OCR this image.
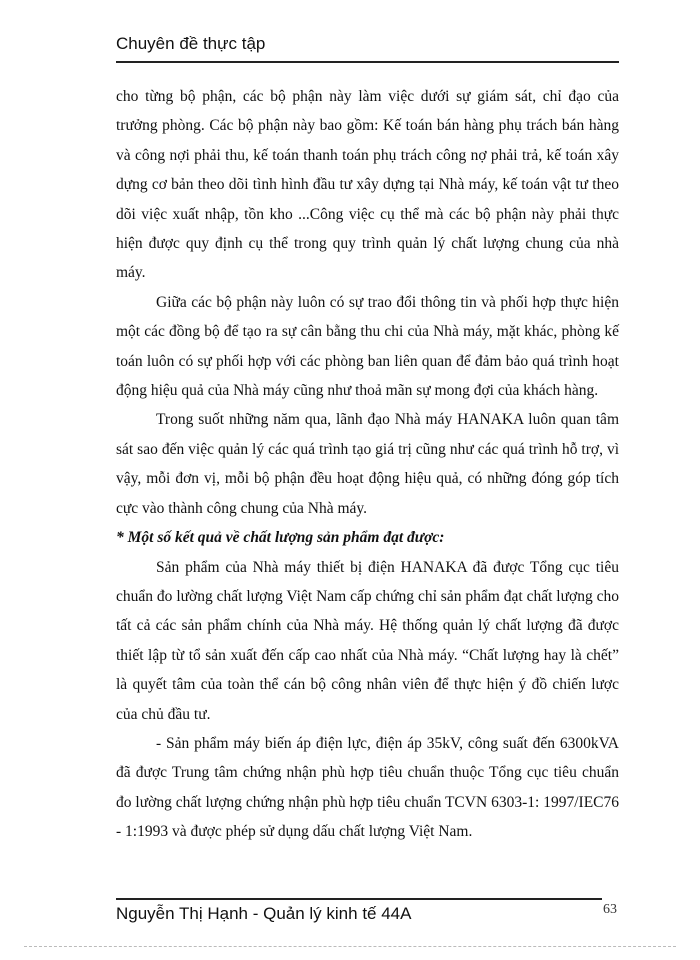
Chuyên đề thực tập

cho từng bộ phận, các bộ phận này làm việc dưới sự giám sát, chỉ đạo của trưởng phòng. Các bộ phận này bao gồm: Kế toán bán hàng phụ trách bán hàng và công nợi phải thu, kế toán thanh toán phụ trách công nợ phải trả, kế toán xây dựng cơ bản theo dõi tình hình đầu tư xây dựng tại Nhà máy, kế toán vật tư theo dõi việc xuất nhập, tồn kho ...Công việc cụ thể mà các bộ phận này phải thực hiện được quy định cụ thể trong quy trình quản lý chất lượng chung của nhà máy.

Giữa các bộ phận này luôn có sự trao đổi thông tin và phối hợp thực hiện một các đồng bộ để tạo ra sự cân bằng thu chi của Nhà máy, mặt khác, phòng kế toán luôn có sự phối hợp với các phòng ban liên quan để đảm bảo quá trình hoạt động hiệu quả của Nhà máy cũng như thoả mãn sự mong đợi của khách hàng.

Trong suốt những năm qua, lãnh đạo Nhà máy HANAKA luôn quan tâm sát sao đến việc quản lý các quá trình tạo giá trị cũng như các quá trình hỗ trợ, vì vậy, mỗi đơn vị, mỗi bộ phận đều hoạt động hiệu quả, có những đóng góp tích cực vào thành công chung của Nhà máy.

* Một số kết quả về chất lượng sản phẩm đạt được:

Sản phẩm của Nhà máy thiết bị điện HANAKA đã được Tổng cục tiêu chuẩn đo lường chất lượng Việt Nam cấp chứng chỉ sản phẩm đạt chất lượng cho tất cả các sản phẩm chính của Nhà máy. Hệ thống quản lý chất lượng đã được thiết lập từ tổ sản xuất đến cấp cao nhất của Nhà máy. “Chất lượng hay là chết” là quyết tâm của toàn thể cán bộ công nhân viên để thực hiện ý đồ chiến lược của chủ đầu tư.

- Sản phẩm máy biến áp điện lực, điện áp 35kV, công suất đến 6300kVA đã được Trung tâm chứng nhận phù hợp tiêu chuẩn thuộc Tổng cục tiêu chuẩn đo lường chất lượng chứng nhận phù hợp tiêu chuẩn TCVN 6303-1: 1997/IEC76 - 1:1993 và được phép sử dụng dấu chất lượng Việt Nam.

Nguyễn Thị Hạnh - Quản lý kinh tế 44A	63
